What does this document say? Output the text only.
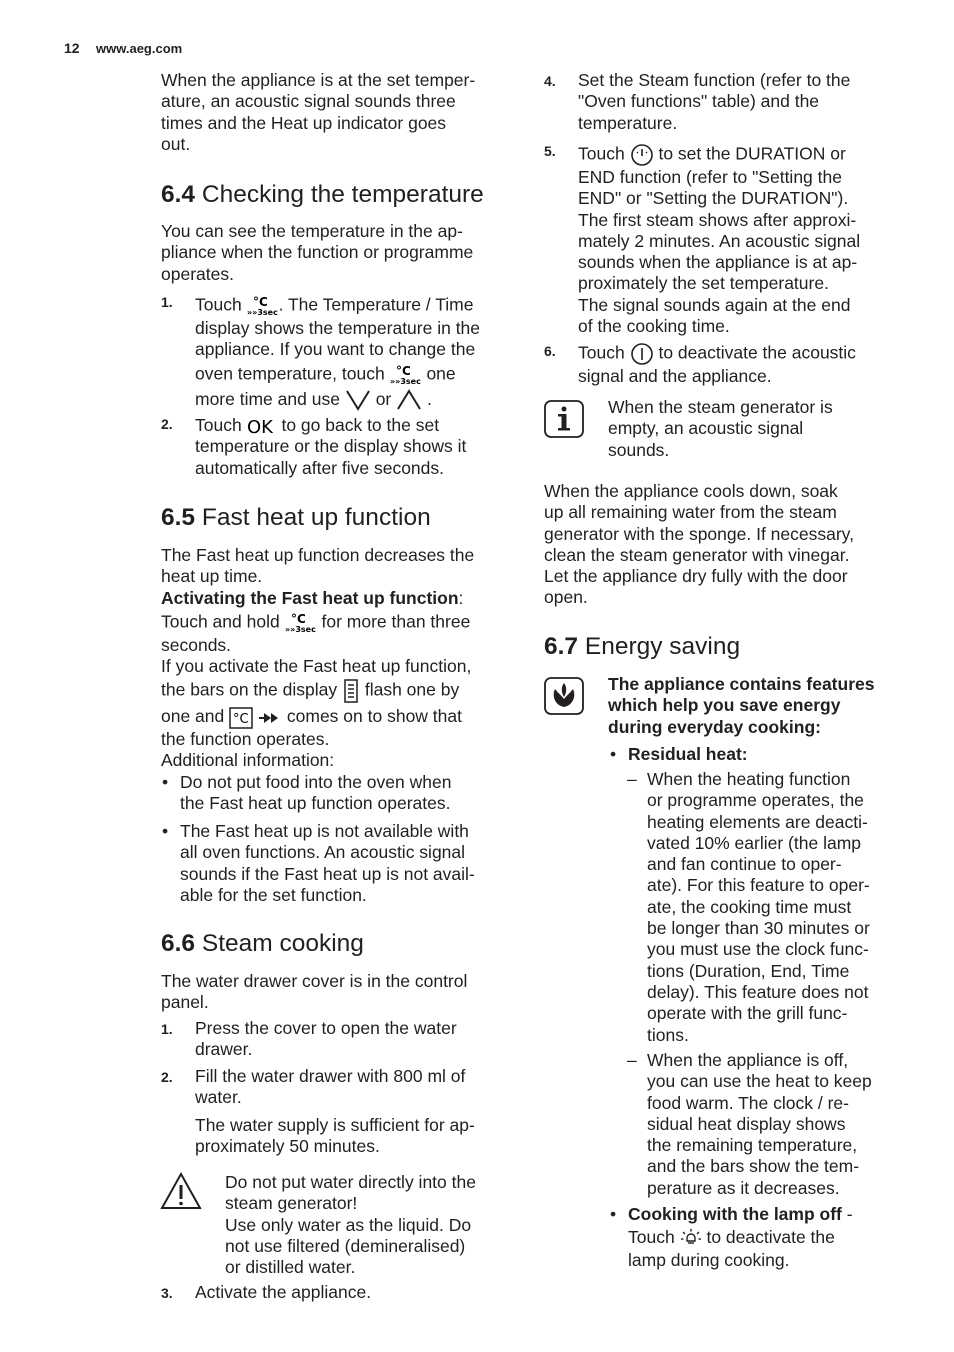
12 www.aeg.com
When the appliance is at the set temper-
ature, an acoustic signal sounds three
times and the Heat up indicator goes
out.
6.4 Checking the temperature
You can see the temperature in the ap-
pliance when the function or programme
operates.
1. Touch °C
»»3sec . The Temperature / Time
display shows the temperature in the
appliance. If you want to change the
oven temperature, touch °C
»»3sec one
more time and use or .
2. Touch OK to go back to the set
temperature or the display shows it
automatically after five seconds.
6.5 Fast heat up function
The Fast heat up function decreases the
heat up time.
Activating the Fast heat up function:
Touch and hold °C
»»3sec for more than three
seconds.
If you activate the Fast heat up function,
the bars on the display flash one by
one and °C
comes on to show that
the function operates.
Additional information:
• Do not put food into the oven when
the Fast heat up function operates.
• The Fast heat up is not available with
all oven functions. An acoustic signal
sounds if the Fast heat up is not avail-
able for the set function.
6.6 Steam cooking
The water drawer cover is in the control
panel.
1. Press the cover to open the water
drawer.
2. Fill the water drawer with 800 ml of
water.
The water supply is sufficient for ap-
proximately 50 minutes.
Do not put water directly into the
steam generator!
Use only water as the liquid. Do
not use filtered (demineralised)
or distilled water.
3. Activate the appliance.
4. Set the Steam function (refer to the
"Oven functions" table) and the
temperature.
5. Touch to set the DURATION or
END function (refer to "Setting the
END" or "Setting the DURATION").
The first steam shows after approxi-
mately 2 minutes. An acoustic signal
sounds when the appliance is at ap-
proximately the set temperature.
The signal sounds again at the end
of the cooking time.
6. Touch to deactivate the acoustic
signal and the appliance.
When the steam generator is
empty, an acoustic signal
sounds.
When the appliance cools down, soak
up all remaining water from the steam
generator with the sponge. If necessary,
clean the steam generator with vinegar.
Let the appliance dry fully with the door
open.
6.7 Energy saving
The appliance contains features
which help you save energy
during everyday cooking:
• Residual heat:
– When the heating function
or programme operates, the
heating elements are deacti-
vated 10% earlier (the lamp
and fan continue to oper-
ate). For this feature to oper-
ate, the cooking time must
be longer than 30 minutes or
you must use the clock func-
tions (Duration, End, Time
delay). This feature does not
operate with the grill func-
tions.
– When the appliance is off,
you can use the heat to keep
food warm. The clock / re-
sidual heat display shows
the remaining temperature,
and the bars show the tem-
perature as it decreases.
• Cooking with the lamp off -
Touch to deactivate the
lamp during cooking.
